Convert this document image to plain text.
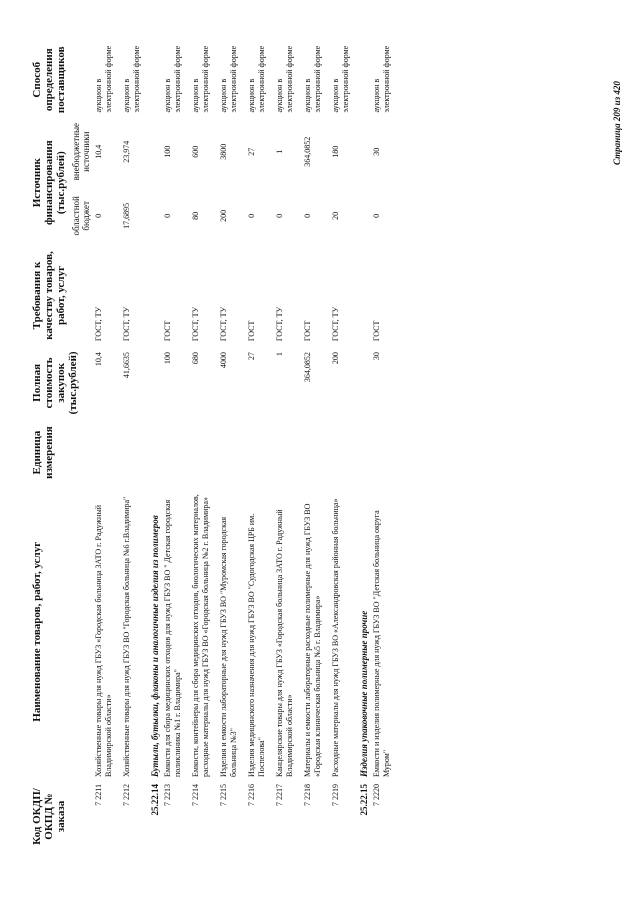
Код ОКДП/ ОКПД № заказа	Наименование товаров, работ, услуг	Единица измерения	Полная стоимость закупок (тыс.рублей)	Требования к качеству товаров, работ, услуг	Источник финансирования (тыс.рублей)		Способ определения поставщиков
					областной бюджет	внебюджетные источники	
7 2211	Хозяйственные товары для нужд ГБУЗ «Городская больница ЗАТО г. Радужный Владимирской области»		10,4	ГОСТ, ТУ	0	10,4	аукцион в электронной форме
7 2212	Хозяйственные товары для нужд ГБУЗ ВО "Городская больница №6 г.Владимира"		41,6635	ГОСТ, ТУ	17,6895	23,974	аукцион в электронной форме
25.22.14	Бутыли, бутылки, флаконы и аналогичные изделия из полимеров						
7 2213	Емкости для сбора медицинских отходов для нужд ГБУЗ ВО " Детская городская поликлиника №1 г. Владимира"		100	ГОСТ	0	100	аукцион в электронной форме
7 2214	Емкости, контейнеры для сбора медицинских отходов, биологических материалов, расходные материалы для нужд ГБУЗ ВО «Городская больница №2 г. Владимира»		680	ГОСТ, ТУ	80	600	аукцион в электронной форме
7 2215	Изделия и емкости лабораторные для нужд ГБУЗ ВО "Муромская городская больница №3"		4000	ГОСТ, ТУ	200	3800	аукцион в электронной форме
7 2216	Изделия медицинского назначения для нужд ГБУЗ ВО "Судогодская ЦРБ им. Поспелова"		27	ГОСТ	0	27	аукцион в электронной форме
7 2217	Канцелярские товары для нужд ГБУЗ «Городская больница ЗАТО г. Радужный Владимирской области»		1	ГОСТ, ТУ	0	1	аукцион в электронной форме
7 2218	Материалы и емкости лабораторные расходные полимерные для нужд ГБУЗ ВО «Городская клиническая больница №5 г. Владимира»		364,0852	ГОСТ	0	364,0852	аукцион в электронной форме
7 2219	Расходные материалы для нужд ГБУЗ ВО «Александровская районная больница»		200	ГОСТ, ТУ	20	180	аукцион в электронной форме
25.22.15	Изделия упаковочные полимерные прочие						
7 2220	Емкости и изделия полимерные для нужд ГБУЗ ВО "Детская больница округа Муром"		30	ГОСТ	0	30	аукцион в электронной форме
Страница 209 из 420
